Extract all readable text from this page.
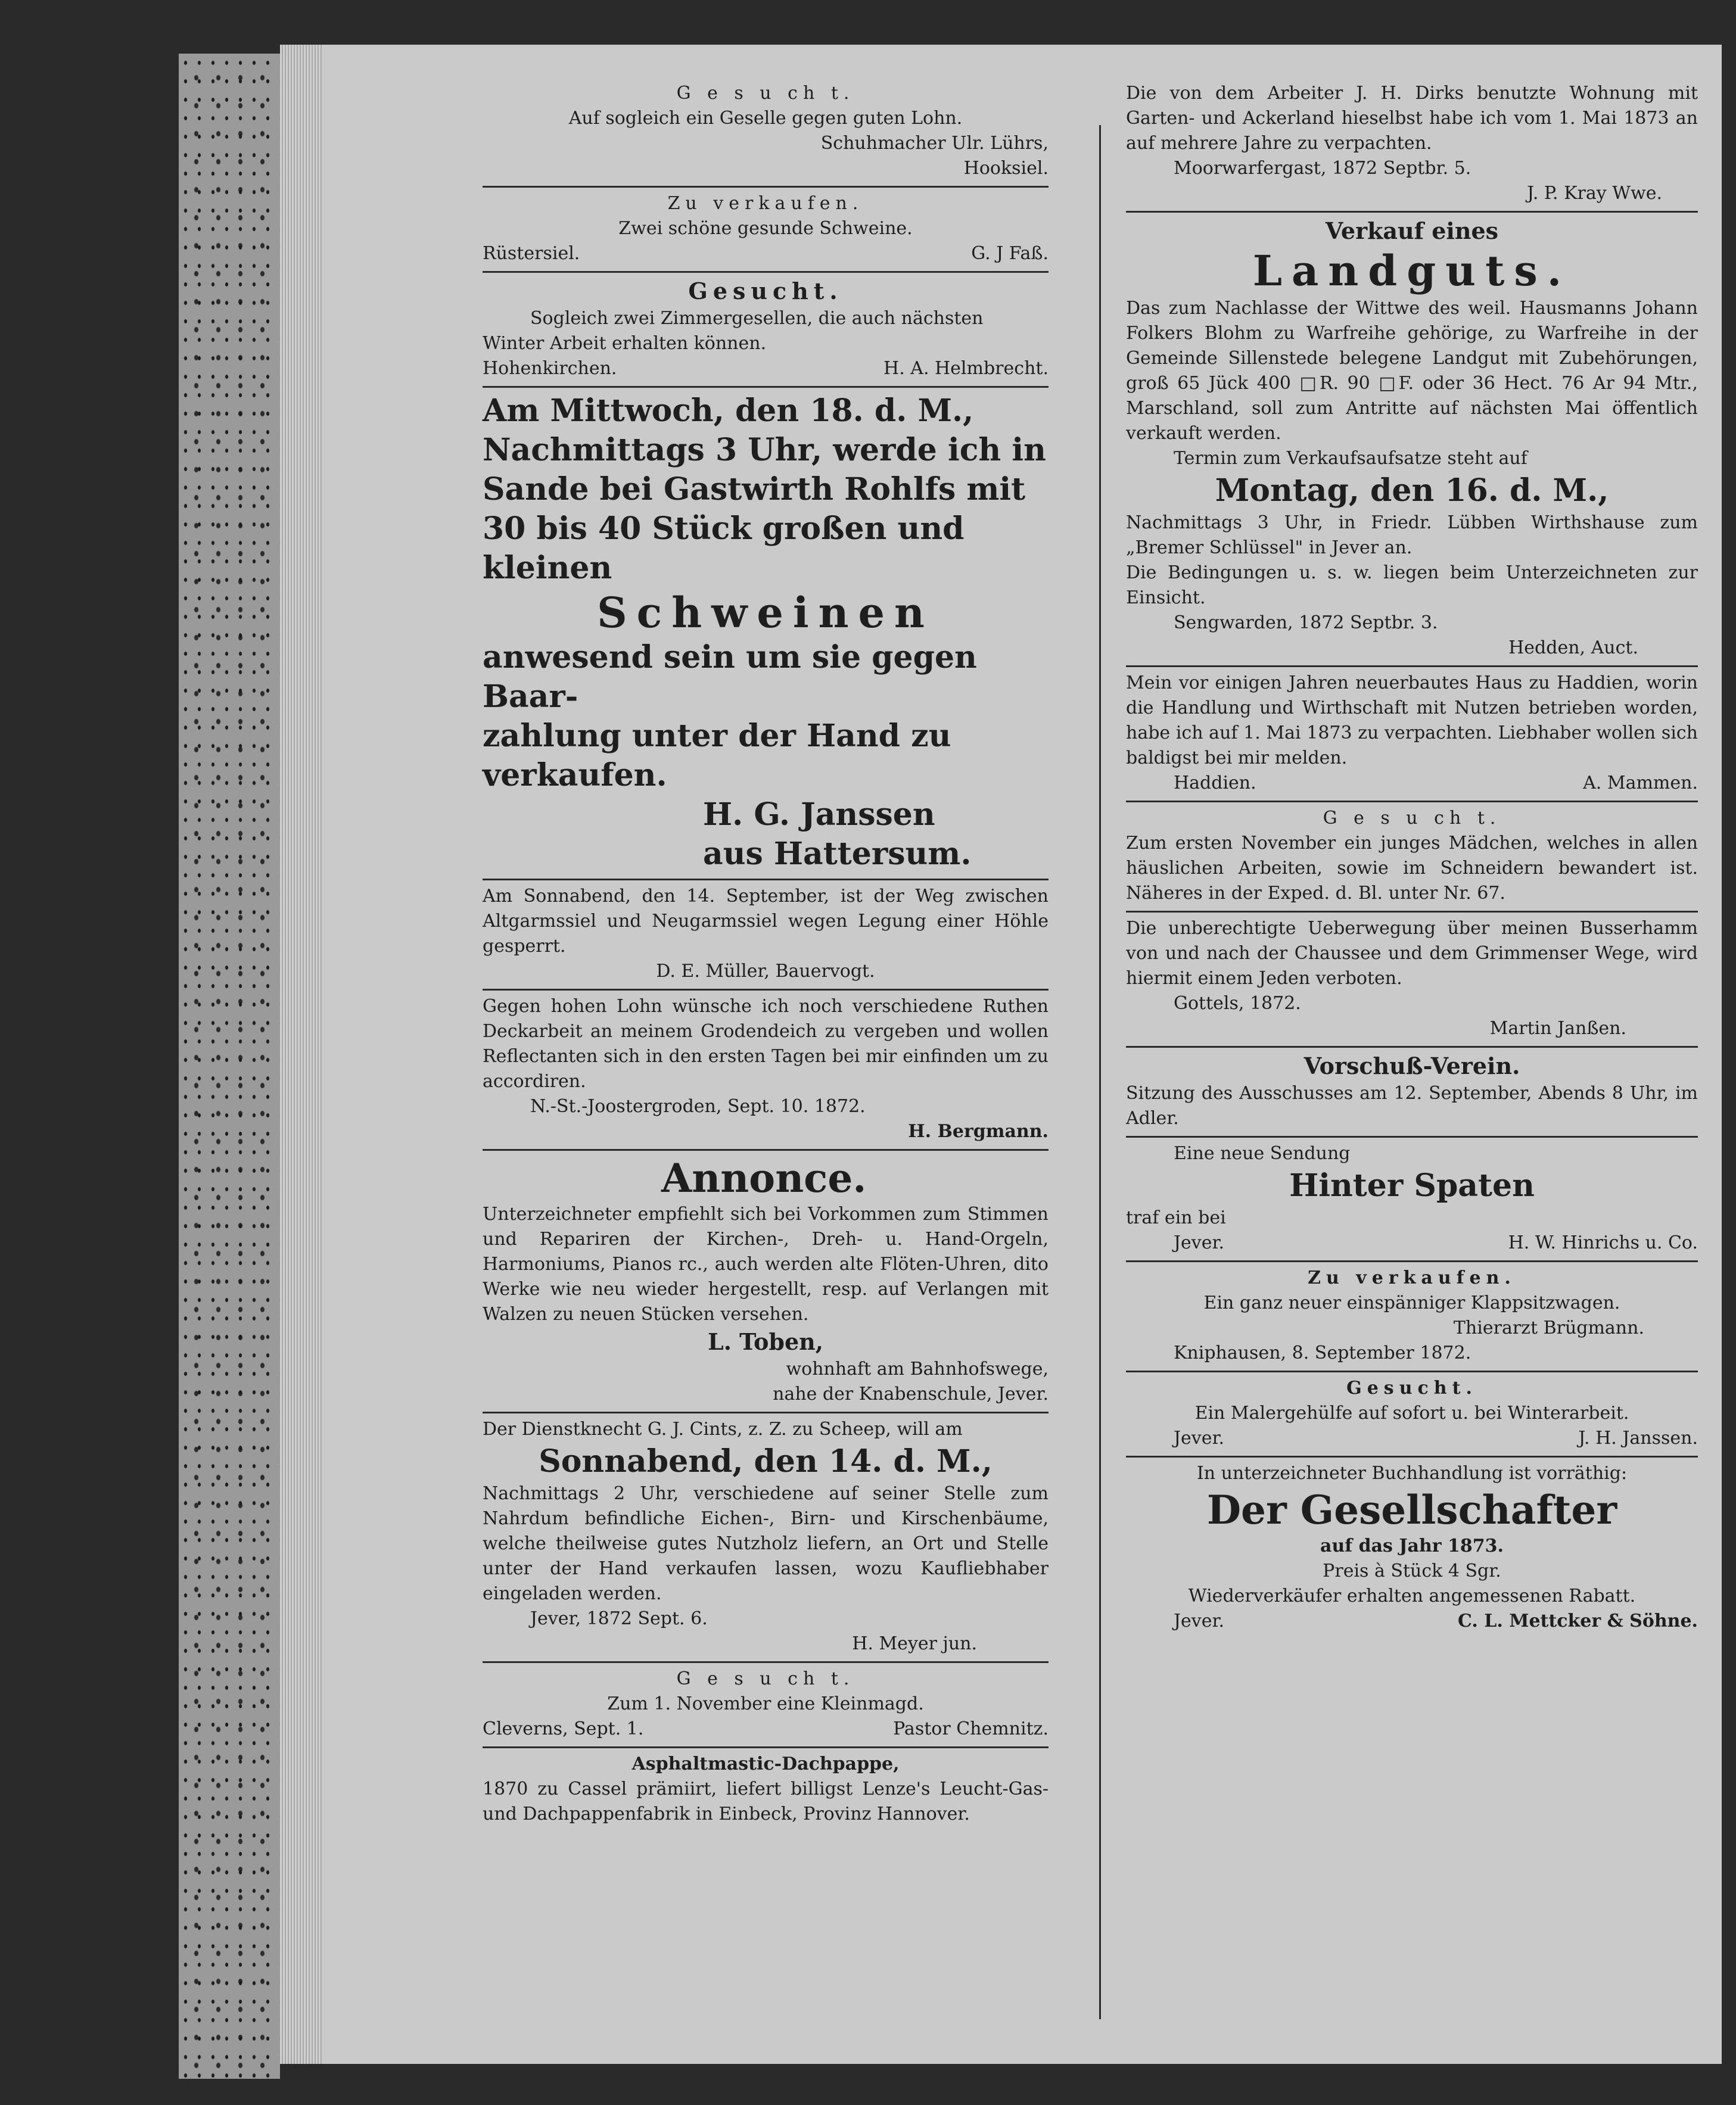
G e s u ch t.
Auf sogleich ein Geselle gegen guten Lohn.
Schuhmacher Ulr. Lührs,
Hooksiel.
Zu verkaufen.
Zwei schöne gesunde Schweine.
Rüstersiel.	G. J Faß.
Gesucht.
Sogleich zwei Zimmergesellen, die auch nächsten
Winter Arbeit erhalten können.
Hohenkirchen.	H. A. Helmbrecht.
Am Mittwoch, den 18. d. M.,
Nachmittags 3 Uhr, werde ich in
Sande bei Gastwirth Rohlfs mit
30 bis 40 Stück großen und kleinen
Schweinen
anwesend sein um sie gegen Baar-
zahlung unter der Hand zu verkaufen.
H. G. Janssen
aus Hattersum.
Am Sonnabend, den 14. September, ist der Weg zwischen Altgarmssiel und Neugarmssiel wegen Legung einer Höhle gesperrt.
D. E. Müller, Bauervogt.
Gegen hohen Lohn wünsche ich noch verschiedene Ruthen Deckarbeit an meinem Grodendeich zu vergeben und wollen Reflectanten sich in den ersten Tagen bei mir einfinden um zu accordiren.
N.-St.-Joostergroden, Sept. 10. 1872.
H. Bergmann.
Annonce.
Unterzeichneter empfiehlt sich bei Vorkommen zum Stimmen und Repariren der Kirchen-, Dreh- u. Hand-Orgeln, Harmoniums, Pianos rc., auch werden alte Flöten-Uhren, dito Werke wie neu wieder hergestellt, resp. auf Verlangen mit Walzen zu neuen Stücken versehen.
L. Toben,
wohnhaft am Bahnhofswege,
nahe der Knabenschule, Jever.
Der Dienstknecht G. J. Cints, z. Z. zu Scheep, will am
Sonnabend, den 14. d. M.,
Nachmittags 2 Uhr, verschiedene auf seiner Stelle zum Nahrdum befindliche Eichen-, Birn- und Kirschenbäume, welche theilweise gutes Nutzholz liefern, an Ort und Stelle unter der Hand verkaufen lassen, wozu Kaufliebhaber eingeladen werden.
Jever, 1872 Sept. 6.
H. Meyer jun.
G e s u ch t.
Zum 1. November eine Kleinmagd.
Cleverns, Sept. 1.	Pastor Chemnitz.
Asphaltmastic-Dachpappe,
1870 zu Cassel prämiirt, liefert billigst Lenze's Leucht-Gas- und Dachpappenfabrik in Einbeck, Provinz Hannover.
Die von dem Arbeiter J. H. Dirks benutzte Wohnung mit Garten- und Ackerland hieselbst habe ich vom 1. Mai 1873 an auf mehrere Jahre zu verpachten.
Moorwarfergast, 1872 Septbr. 5.
J. P. Kray Wwe.
Verkauf eines
Landguts.
Das zum Nachlasse der Wittwe des weil. Hausmanns Johann Folkers Blohm zu Warfreihe gehörige, zu Warfreihe in der Gemeinde Sillenstede belegene Landgut mit Zubehörungen, groß 65 Jück 400 □R. 90 □F. oder 36 Hect. 76 Ar 94 Mtr., Marschland, soll zum Antritte auf nächsten Mai öffentlich verkauft werden.
Termin zum Verkaufsaufsatze steht auf
Montag, den 16. d. M.,
Nachmittags 3 Uhr, in Friedr. Lübben Wirthshause zum „Bremer Schlüssel" in Jever an.
Die Bedingungen u. s. w. liegen beim Unterzeichneten zur Einsicht.
Sengwarden, 1872 Septbr. 3.
Hedden, Auct.
Mein vor einigen Jahren neuerbautes Haus zu Haddien, worin die Handlung und Wirthschaft mit Nutzen betrieben worden, habe ich auf 1. Mai 1873 zu verpachten. Liebhaber wollen sich baldigst bei mir melden.
Haddien.	A. Mammen.
G e s u ch t.
Zum ersten November ein junges Mädchen, welches in allen häuslichen Arbeiten, sowie im Schneidern bewandert ist. Näheres in der Exped. d. Bl. unter Nr. 67.
Die unberechtigte Ueberwegung über meinen Busserhamm von und nach der Chaussee und dem Grimmenser Wege, wird hiermit einem Jeden verboten.
Gottels, 1872.
Martin Janßen.
Vorschuß-Verein.
Sitzung des Ausschusses am 12. September, Abends 8 Uhr, im Adler.
Eine neue Sendung
Hinter Spaten
traf ein bei
Jever.	H. W. Hinrichs u. Co.
Zu verkaufen.
Ein ganz neuer einspänniger Klappsitzwagen.
Thierarzt Brügmann.
Kniphausen, 8. September 1872.
Gesucht.
Ein Malergehülfe auf sofort u. bei Winterarbeit.
Jever.	J. H. Janssen.
In unterzeichneter Buchhandlung ist vorräthig:
Der Gesellschafter
auf das Jahr 1873.
Preis à Stück 4 Sgr.
Wiederverkäufer erhalten angemessenen Rabatt.
Jever.	C. L. Mettcker & Söhne.
